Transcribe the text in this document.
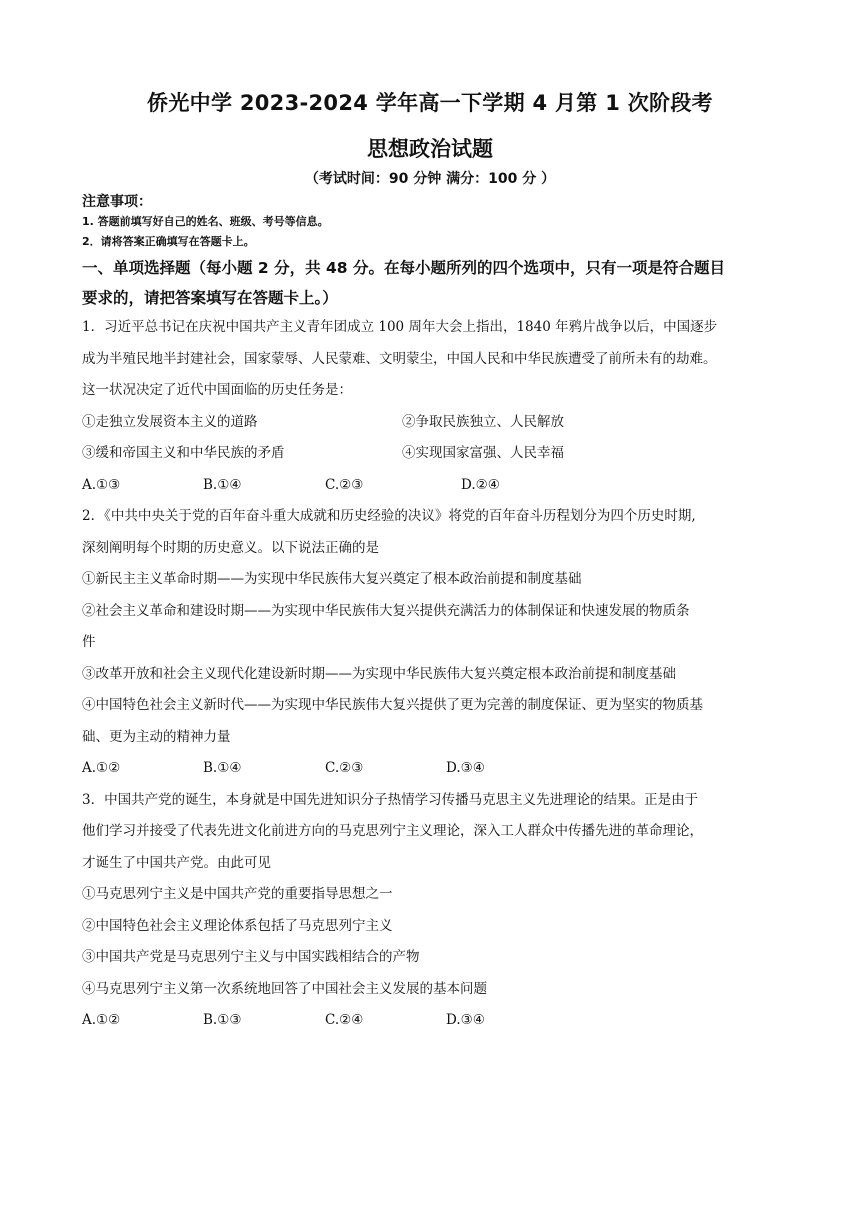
侨光中学 2023-2024 学年高一下学期 4 月第 1 次阶段考
思想政治试题

（考试时间：90 分钟 满分：100 分 ）

注意事项：

1. 答题前填写好自己的姓名、班级、考号等信息。

2．请将答案正确填写在答题卡上。

一、单项选择题（每小题 2 分，共 48 分。在每小题所列的四个选项中，只有一项是符合题目

要求的，请把答案填写在答题卡上。）

1．习近平总书记在庆祝中国共产主义青年团成立 100 周年大会上指出，1840 年鸦片战争以后，中国逐步

成为半殖民地半封建社会，国家蒙辱、人民蒙难、文明蒙尘，中国人民和中华民族遭受了前所未有的劫难。

这一状况决定了近代中国面临的历史任务是：

①走独立发展资本主义的道路	②争取民族独立、人民解放
③缓和帝国主义和中华民族的矛盾	④实现国家富强、人民幸福
A.①③	B.①④	C.②③	D.②④

2．《中共中央关于党的百年奋斗重大成就和历史经验的决议》将党的百年奋斗历程划分为四个历史时期,

深刻阐明每个时期的历史意义。以下说法正确的是

①新民主主义革命时期——为实现中华民族伟大复兴奠定了根本政治前提和制度基础

②社会主义革命和建设时期——为实现中华民族伟大复兴提供充满活力的体制保证和快速发展的物质条

件

③改革开放和社会主义现代化建设新时期——为实现中华民族伟大复兴奠定根本政治前提和制度基础

④中国特色社会主义新时代——为实现中华民族伟大复兴提供了更为完善的制度保证、更为坚实的物质基

础、更为主动的精神力量

A.①②	B.①④	C.②③	D.③④

3．中国共产党的诞生，本身就是中国先进知识分子热情学习传播马克思主义先进理论的结果。正是由于

他们学习并接受了代表先进文化前进方向的马克思列宁主义理论，深入工人群众中传播先进的革命理论，

才诞生了中国共产党。由此可见

①马克思列宁主义是中国共产党的重要指导思想之一

②中国特色社会主义理论体系包括了马克思列宁主义

③中国共产党是马克思列宁主义与中国实践相结合的产物

④马克思列宁主义第一次系统地回答了中国社会主义发展的基本问题

A.①②	B.①③	C.②④	D.③④
